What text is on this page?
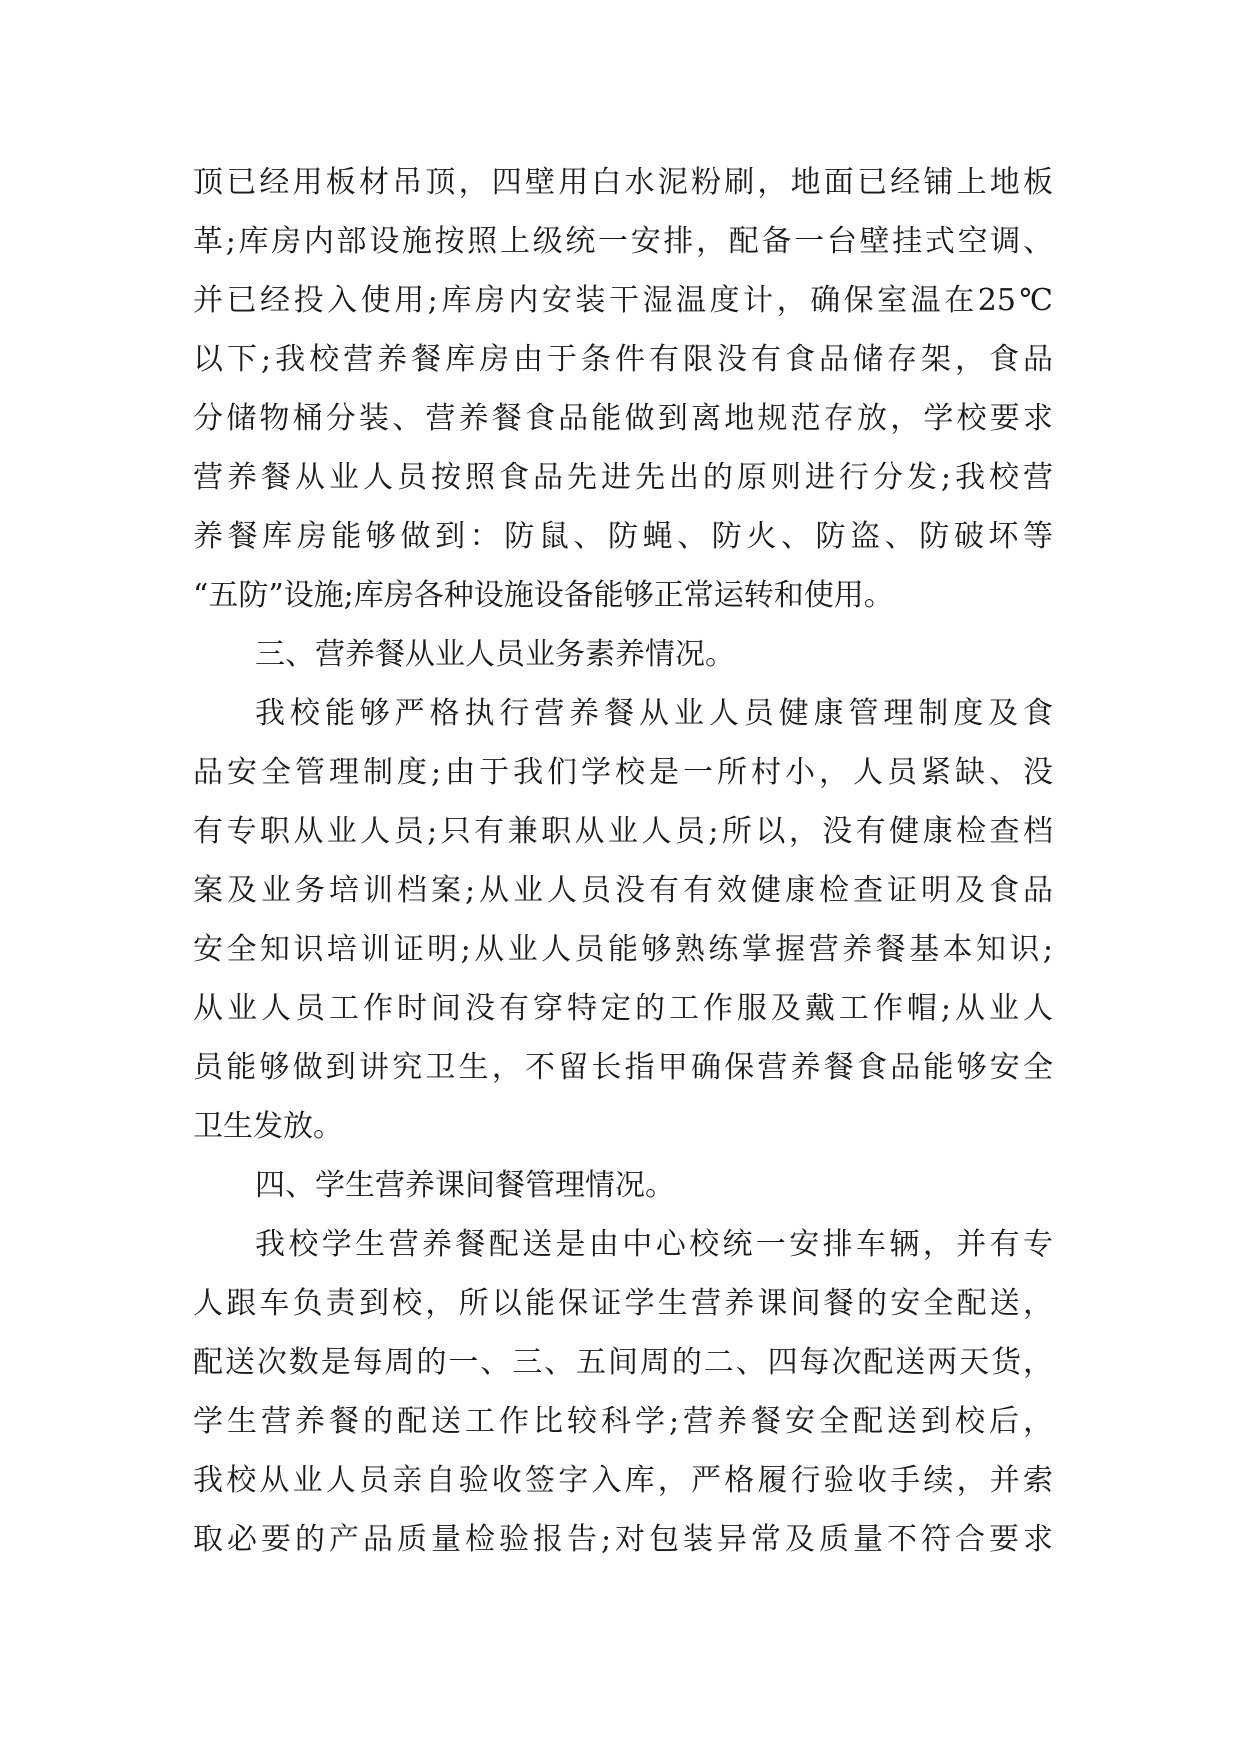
顶已经用板材吊顶，四壁用白水泥粉刷，地面已经铺上地板
革;库房内部设施按照上级统一安排，配备一台壁挂式空调、
并已经投入使用;库房内安装干湿温度计，确保室温在25℃
以下;我校营养餐库房由于条件有限没有食品储存架，食品
分储物桶分装、营养餐食品能做到离地规范存放，学校要求
营养餐从业人员按照食品先进先出的原则进行分发;我校营
养餐库房能够做到：防鼠、防蝇、防火、防盗、防破坏等
“五防”设施;库房各种设施设备能够正常运转和使用。
三、营养餐从业人员业务素养情况。
我校能够严格执行营养餐从业人员健康管理制度及食
品安全管理制度;由于我们学校是一所村小，人员紧缺、没
有专职从业人员;只有兼职从业人员;所以，没有健康检查档
案及业务培训档案;从业人员没有有效健康检查证明及食品
安全知识培训证明;从业人员能够熟练掌握营养餐基本知识;
从业人员工作时间没有穿特定的工作服及戴工作帽;从业人
员能够做到讲究卫生，不留长指甲确保营养餐食品能够安全
卫生发放。
四、学生营养课间餐管理情况。
我校学生营养餐配送是由中心校统一安排车辆，并有专
人跟车负责到校，所以能保证学生营养课间餐的安全配送，
配送次数是每周的一、三、五间周的二、四每次配送两天货，
学生营养餐的配送工作比较科学;营养餐安全配送到校后，
我校从业人员亲自验收签字入库，严格履行验收手续，并索
取必要的产品质量检验报告;对包装异常及质量不符合要求
